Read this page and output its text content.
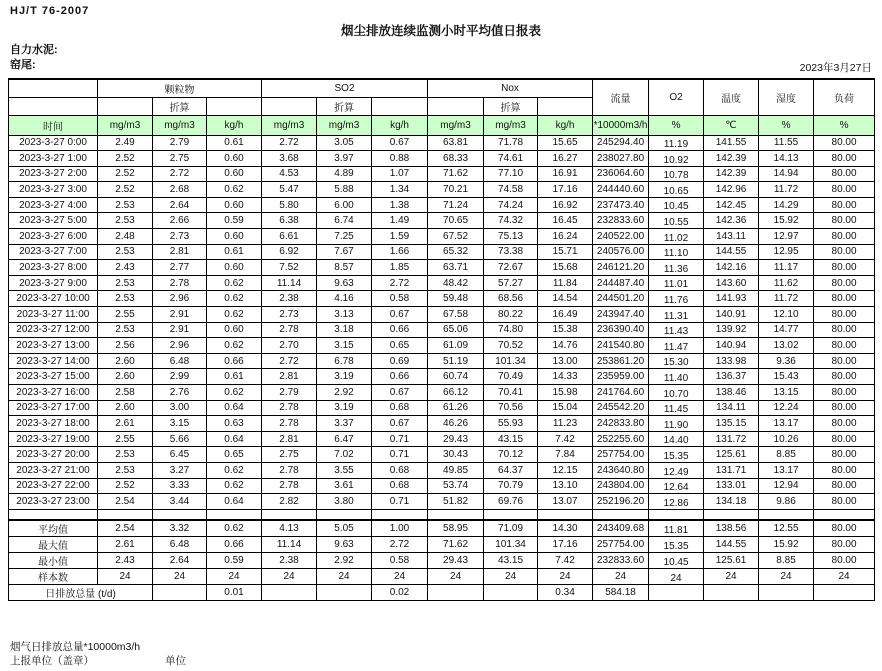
HJ/T 76-2007
烟尘排放连续监测小时平均值日报表
自力水泥:
窑尾:	2023年3月27日
	颗粒物			SO2			Nox			流量	O2	温度	湿度	负荷
		折算			折算			折算						
时间	mg/m3	mg/m3	kg/h	mg/m3	mg/m3	kg/h	mg/m3	mg/m3	kg/h	*10000m3/h	%	℃	%	%
2023-3-27 0:00	2.49	2.79	0.61	2.72	3.05	0.67	63.81	71.78	15.65	245294.40	11.19	141.55	11.55	80.00
2023-3-27 1:00	2.52	2.75	0.60	3.68	3.97	0.88	68.33	74.61	16.27	238027.80	10.92	142.39	14.13	80.00
2023-3-27 2:00	2.52	2.72	0.60	4.53	4.89	1.07	71.62	77.10	16.91	236064.60	10.78	142.39	14.94	80.00
2023-3-27 3:00	2.52	2.68	0.62	5.47	5.88	1.34	70.21	74.58	17.16	244440.60	10.65	142.96	11.72	80.00
2023-3-27 4:00	2.53	2.64	0.60	5.80	6.00	1.38	71.24	74.24	16.92	237473.40	10.45	142.45	14.29	80.00
2023-3-27 5:00	2.53	2.66	0.59	6.38	6.74	1.49	70.65	74.32	16.45	232833.60	10.55	142.36	15.92	80.00
2023-3-27 6:00	2.48	2.73	0.60	6.61	7.25	1.59	67.52	75.13	16.24	240522.00	11.02	143.11	12.97	80.00
2023-3-27 7:00	2.53	2.81	0.61	6.92	7.67	1.66	65.32	73.38	15.71	240576.00	11.10	144.55	12.95	80.00
2023-3-27 8:00	2.43	2.77	0.60	7.52	8.57	1.85	63.71	72.67	15.68	246121.20	11.36	142.16	11.17	80.00
2023-3-27 9:00	2.53	2.78	0.62	11.14	9.63	2.72	48.42	57.27	11.84	244487.40	11.01	143.60	11.62	80.00
2023-3-27 10:00	2.53	2.96	0.62	2.38	4.16	0.58	59.48	68.56	14.54	244501.20	11.76	141.93	11.72	80.00
2023-3-27 11:00	2.55	2.91	0.62	2.73	3.13	0.67	67.58	80.22	16.49	243947.40	11.31	140.91	12.10	80.00
2023-3-27 12:00	2.53	2.91	0.60	2.78	3.18	0.66	65.06	74.80	15.38	236390.40	11.43	139.92	14.77	80.00
2023-3-27 13:00	2.56	2.96	0.62	2.70	3.15	0.65	61.09	70.52	14.76	241540.80	11.47	140.94	13.02	80.00
2023-3-27 14:00	2.60	6.48	0.66	2.72	6.78	0.69	51.19	101.34	13.00	253861.20	15.30	133.98	9.36	80.00
2023-3-27 15:00	2.60	2.99	0.61	2.81	3.19	0.66	60.74	70.49	14.33	235959.00	11.40	136.37	15.43	80.00
2023-3-27 16:00	2.58	2.76	0.62	2.79	2.92	0.67	66.12	70.41	15.98	241764.60	10.70	138.46	13.15	80.00
2023-3-27 17:00	2.60	3.00	0.64	2.78	3.19	0.68	61.26	70.56	15.04	245542.20	11.45	134.11	12.24	80.00
2023-3-27 18:00	2.61	3.15	0.63	2.78	3.37	0.67	46.26	55.93	11.23	242833.80	11.90	135.15	13.17	80.00
2023-3-27 19:00	2.55	5.66	0.64	2.81	6.47	0.71	29.43	43.15	7.42	252255.60	14.40	131.72	10.26	80.00
2023-3-27 20:00	2.53	6.45	0.65	2.75	7.02	0.71	30.43	70.12	7.84	257754.00	15.35	125.61	8.85	80.00
2023-3-27 21:00	2.53	3.27	0.62	2.78	3.55	0.68	49.85	64.37	12.15	243640.80	12.49	131.71	13.17	80.00
2023-3-27 22:00	2.52	3.33	0.62	2.78	3.61	0.68	53.74	70.79	13.10	243804.00	12.64	133.01	12.94	80.00
2023-3-27 23:00	2.54	3.44	0.64	2.82	3.80	0.71	51.82	69.76	13.07	252196.20	12.86	134.18	9.86	80.00

平均值	2.54	3.32	0.62	4.13	5.05	1.00	58.95	71.09	14.30	243409.68	11.81	138.56	12.55	80.00
最大值	2.61	6.48	0.66	11.14	9.63	2.72	71.62	101.34	17.16	257754.00	15.35	144.55	15.92	80.00
最小值	2.43	2.64	0.59	2.38	2.92	0.58	29.43	43.15	7.42	232833.60	10.45	125.61	8.85	80.00
样本数	24	24	24	24	24	24	24	24	24	24	24	24	24	24
日排放总量 (t/d)			0.01			0.02			0.34	584.18				
烟气日排放总量*10000m3/h
上报单位（盖章）	单位
